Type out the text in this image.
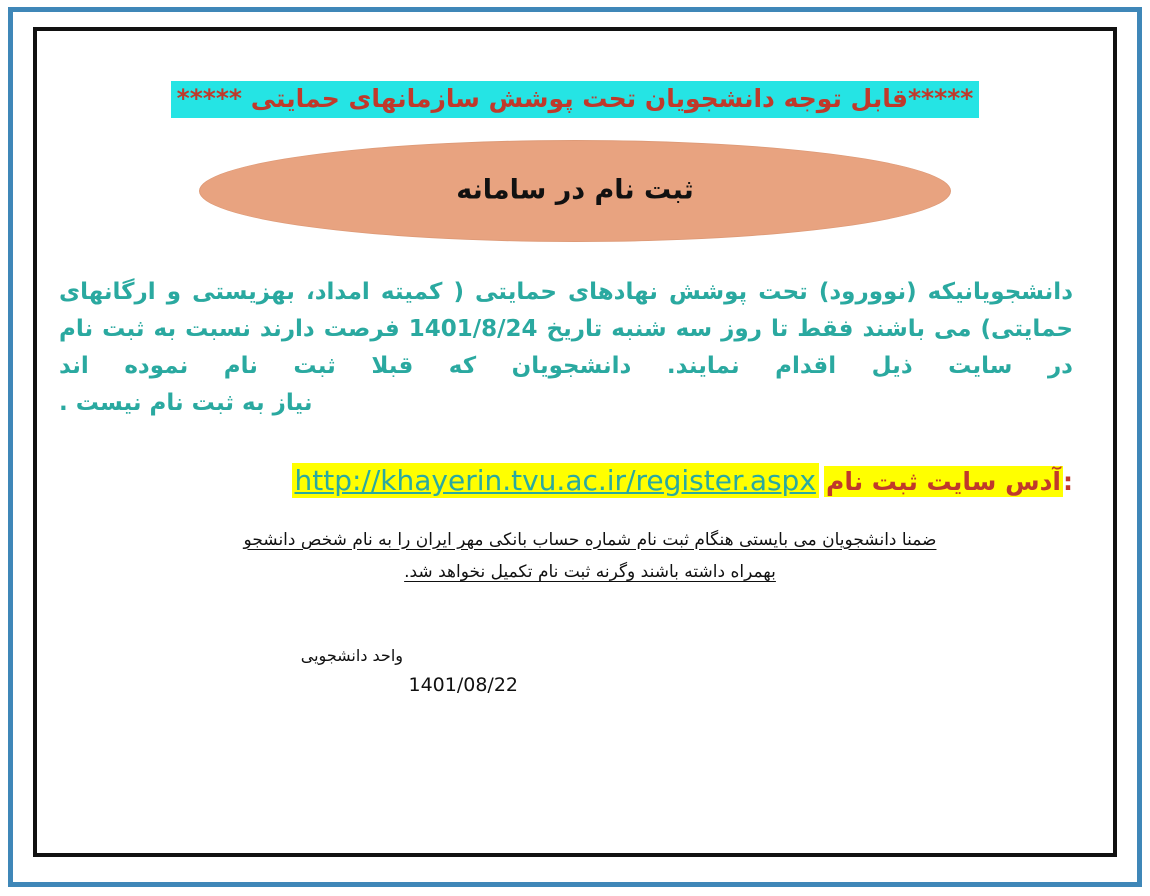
*****قابل توجه دانشجویان تحت پوشش سازمانهای حمایتی *****
ثبت نام در سامانه
دانشجویانیکه (نوورود) تحت پوشش نهادهای حمایتی ( کمیته امداد، بهزیستی و ارگانهای حمایتی) می باشند فقط تا روز سه شنبه تاریخ 1401/8/24 فرصت دارند نسبت به ثبت نام در سایت ذیل اقدام نمایند. دانشجویان که قبلا ثبت نام نموده اند
نیاز به ثبت نام نیست .
:آدس سایت ثبت نام http://khayerin.tvu.ac.ir/register.aspx
ضمنا دانشجویان می بایستی هنگام ثبت نام شماره حساب بانکی مهر ایران را به نام شخص دانشجو
بهمراه داشته باشند وگرنه ثبت نام تکمیل نخواهد شد.
واحد دانشجویی
1401/08/22
